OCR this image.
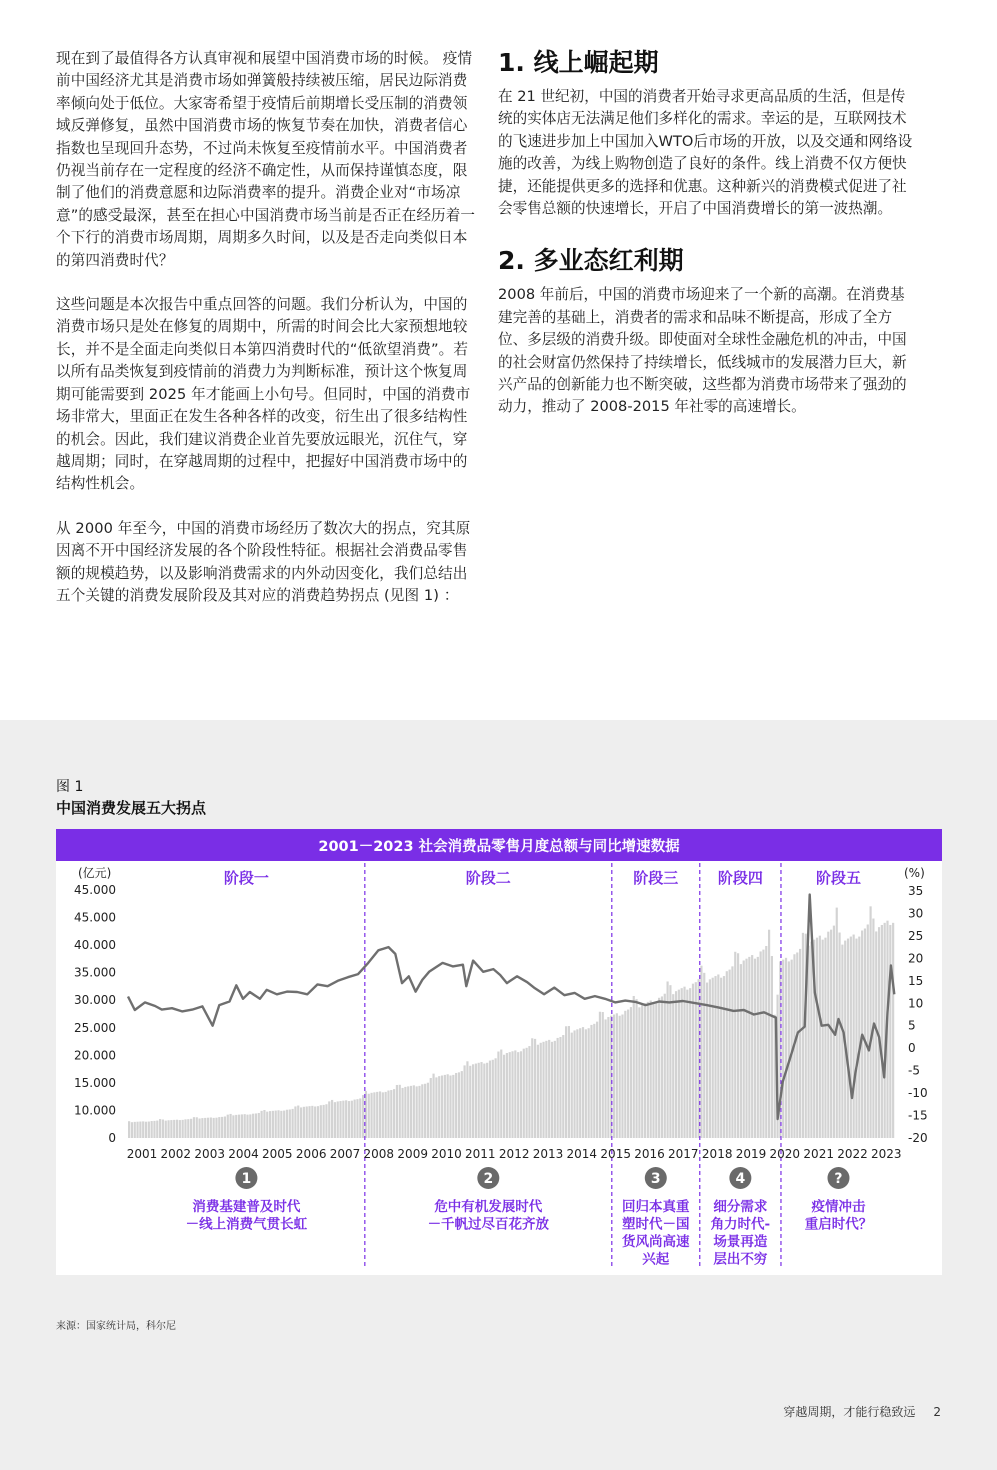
现在到了最值得各方认真审视和展望中国消费市场的时候。 疫情前中国经济尤其是消费市场如弹簧般持续被压缩，居民边际消费率倾向处于低位。大家寄希望于疫情后前期增长受压制的消费领域反弹修复，虽然中国消费市场的恢复节奏在加快，消费者信心指数也呈现回升态势，不过尚未恢复至疫情前水平。中国消费者仍视当前存在一定程度的经济不确定性，从而保持谨慎态度，限制了他们的消费意愿和边际消费率的提升。消费企业对“市场凉意”的感受最深，甚至在担心中国消费市场当前是否正在经历着一个下行的消费市场周期，周期多久时间，以及是否走向类似日本的第四消费时代？

这些问题是本次报告中重点回答的问题。我们分析认为，中国的消费市场只是处在修复的周期中，所需的时间会比大家预想地较长，并不是全面走向类似日本第四消费时代的“低欲望消费”。若以所有品类恢复到疫情前的消费力为判断标准，预计这个恢复周期可能需要到 2025 年才能画上小句号。但同时，中国的消费市场非常大，里面正在发生各种各样的改变，衍生出了很多结构性的机会。因此，我们建议消费企业首先要放远眼光，沉住气，穿越周期；同时，在穿越周期的过程中，把握好中国消费市场中的结构性机会。

从 2000 年至今，中国的消费市场经历了数次大的拐点，究其原因离不开中国经济发展的各个阶段性特征。根据社会消费品零售额的规模趋势，以及影响消费需求的内外动因变化，我们总结出五个关键的消费发展阶段及其对应的消费趋势拐点 (见图 1) ：

1. 线上崛起期

在 21 世纪初，中国的消费者开始寻求更高品质的生活，但是传统的实体店无法满足他们多样化的需求。幸运的是，互联网技术的飞速进步加上中国加入WTO后市场的开放，以及交通和网络设施的改善，为线上购物创造了良好的条件。线上消费不仅方便快捷，还能提供更多的选择和优惠。这种新兴的消费模式促进了社会零售总额的快速增长，开启了中国消费增长的第一波热潮。

2. 多业态红利期

2008 年前后，中国的消费市场迎来了一个新的高潮。在消费基建完善的基础上，消费者的需求和品味不断提高，形成了全方位、多层级的消费升级。即使面对全球性金融危机的冲击，中国的社会财富仍然保持了持续增长，低线城市的发展潜力巨大，新兴产品的创新能力也不断突破，这些都为消费市场带来了强劲的动力，推动了 2008-2015 年社零的高速增长。

图 1
中国消费发展五大拐点
2001－2023 社会消费品零售月度总额与同比增速数据
(亿元)	(%)
阶段一	阶段二	阶段三	阶段四	阶段五
0
10.000
15.000
20.000
25.000
30.000
35.000
40.000
45.000
45.000	35
30
25
20
15
10
5
0
-5
-10
-15
-20
2001 2002 2003 2004 2005 2006 2007 2008 2009 2010 2011 2012 2013 2014 2015 2016 2017 2018 2019 2020 2021 2022 2023
1
消费基建普及时代
－线上消费气贯长虹
2
危中有机发展时代
－千帆过尽百花齐放
3
回归本真重
塑时代－国
货风尚高速
兴起
4
细分需求
角力时代-
场景再造
层出不穷
?
疫情冲击
重启时代？
来源：国家统计局，科尔尼
穿越周期，才能行稳致远 2
